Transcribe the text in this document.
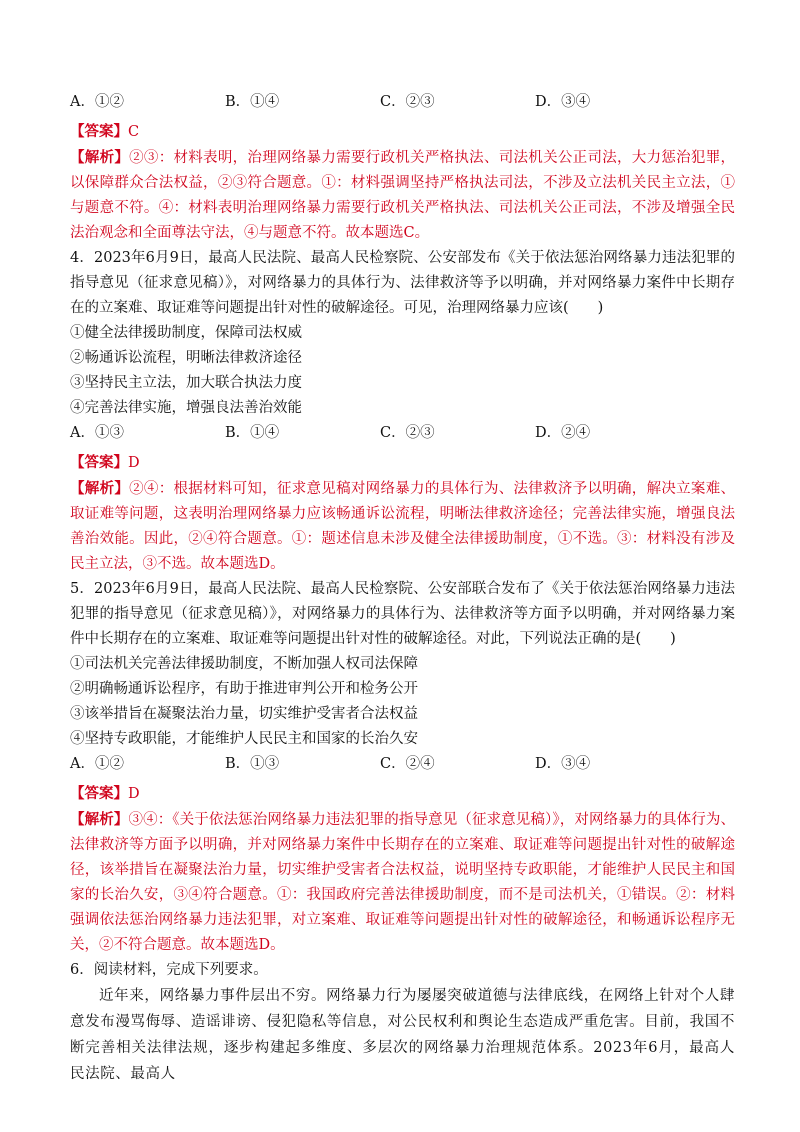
A．①②	B．①④	C．②③	D．③④
【答案】C
【解析】②③：材料表明，治理网络暴力需要行政机关严格执法、司法机关公正司法，大力惩治犯罪，以保障群众合法权益，②③符合题意。①：材料强调坚持严格执法司法，不涉及立法机关民主立法，①与题意不符。④：材料表明治理网络暴力需要行政机关严格执法、司法机关公正司法，不涉及增强全民法治观念和全面尊法守法，④与题意不符。故本题选C。
4．2023年6月9日，最高人民法院、最高人民检察院、公安部发布《关于依法惩治网络暴力违法犯罪的指导意见（征求意见稿）》，对网络暴力的具体行为、法律救济等予以明确，并对网络暴力案件中长期存在的立案难、取证难等问题提出针对性的破解途径。可见，治理网络暴力应该(　　)
①健全法律援助制度，保障司法权威
②畅通诉讼流程，明晰法律救济途径
③坚持民主立法，加大联合执法力度
④完善法律实施，增强良法善治效能
A．①③	B．①④	C．②③	D．②④
【答案】D
【解析】②④：根据材料可知，征求意见稿对网络暴力的具体行为、法律救济予以明确，解决立案难、取证难等问题，这表明治理网络暴力应该畅通诉讼流程，明晰法律救济途径；完善法律实施，增强良法善治效能。因此，②④符合题意。①：题述信息未涉及健全法律援助制度，①不选。③：材料没有涉及民主立法，③不选。故本题选D。
5．2023年6月9日，最高人民法院、最高人民检察院、公安部联合发布了《关于依法惩治网络暴力违法犯罪的指导意见（征求意见稿）》，对网络暴力的具体行为、法律救济等方面予以明确，并对网络暴力案件中长期存在的立案难、取证难等问题提出针对性的破解途径。对此，下列说法正确的是(　　)
①司法机关完善法律援助制度，不断加强人权司法保障
②明确畅通诉讼程序，有助于推进审判公开和检务公开
③该举措旨在凝聚法治力量，切实维护受害者合法权益
④坚持专政职能，才能维护人民民主和国家的长治久安
A．①②	B．①③	C．②④	D．③④
【答案】D
【解析】③④：《关于依法惩治网络暴力违法犯罪的指导意见（征求意见稿）》，对网络暴力的具体行为、法律救济等方面予以明确，并对网络暴力案件中长期存在的立案难、取证难等问题提出针对性的破解途径，该举措旨在凝聚法治力量，切实维护受害者合法权益，说明坚持专政职能，才能维护人民民主和国家的长治久安，③④符合题意。①：我国政府完善法律援助制度，而不是司法机关，①错误。②：材料强调依法惩治网络暴力违法犯罪，对立案难、取证难等问题提出针对性的破解途径，和畅通诉讼程序无关，②不符合题意。故本题选D。
6．阅读材料，完成下列要求。
近年来，网络暴力事件层出不穷。网络暴力行为屡屡突破道德与法律底线，在网络上针对个人肆意发布漫骂侮辱、造谣诽谤、侵犯隐私等信息，对公民权利和舆论生态造成严重危害。目前，我国不断完善相关法律法规，逐步构建起多维度、多层次的网络暴力治理规范体系。2023年6月，最高人民法院、最高人
